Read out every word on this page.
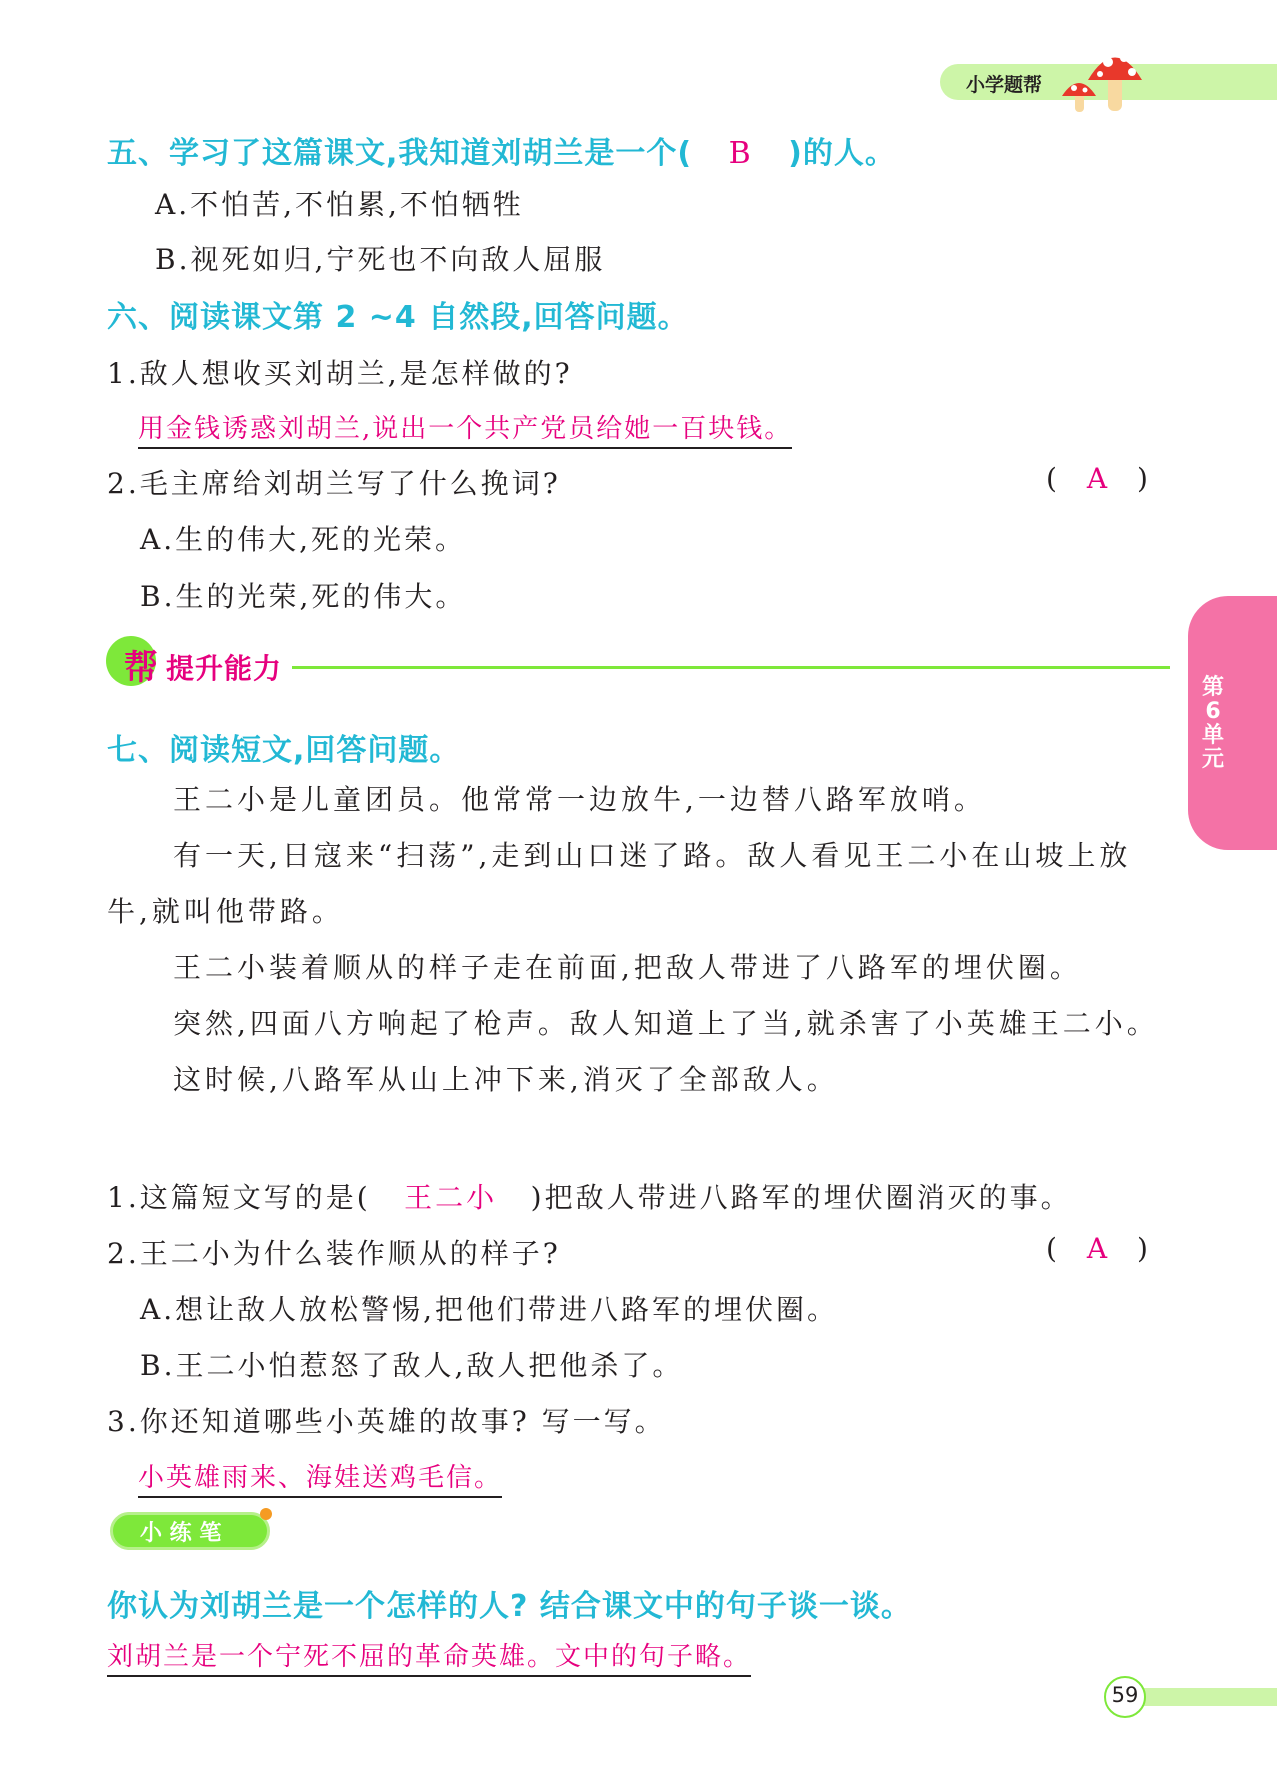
小学题帮
第
6
单元
五、学习了这篇课文,我知道刘胡兰是一个( B )的人。
A.不怕苦,不怕累,不怕牺牲
B.视死如归,宁死也不向敌人屈服
六、阅读课文第 2 ~4 自然段,回答问题。
1.敌人想收买刘胡兰,是怎样做的?
用金钱诱惑刘胡兰,说出一个共产党员给她一百块钱。
2.毛主席给刘胡兰写了什么挽词?	( A )
A.生的伟大,死的光荣。
B.生的光荣,死的伟大。
帮 提升能力
七、阅读短文,回答问题。
王二小是儿童团员。他常常一边放牛,一边替八路军放哨。
有一天,日寇来“扫荡”,走到山口迷了路。敌人看见王二小在山坡上放牛,就叫他带路。
王二小装着顺从的样子走在前面,把敌人带进了八路军的埋伏圈。
突然,四面八方响起了枪声。敌人知道上了当,就杀害了小英雄王二小。
这时候,八路军从山上冲下来,消灭了全部敌人。
1.这篇短文写的是( 王二小 )把敌人带进八路军的埋伏圈消灭的事。
2.王二小为什么装作顺从的样子?	( A )
A.想让敌人放松警惕,把他们带进八路军的埋伏圈。
B.王二小怕惹怒了敌人,敌人把他杀了。
3.你还知道哪些小英雄的故事? 写一写。
小英雄雨来、海娃送鸡毛信。
小 练 笔
你认为刘胡兰是一个怎样的人? 结合课文中的句子谈一谈。
刘胡兰是一个宁死不屈的革命英雄。文中的句子略。
59
